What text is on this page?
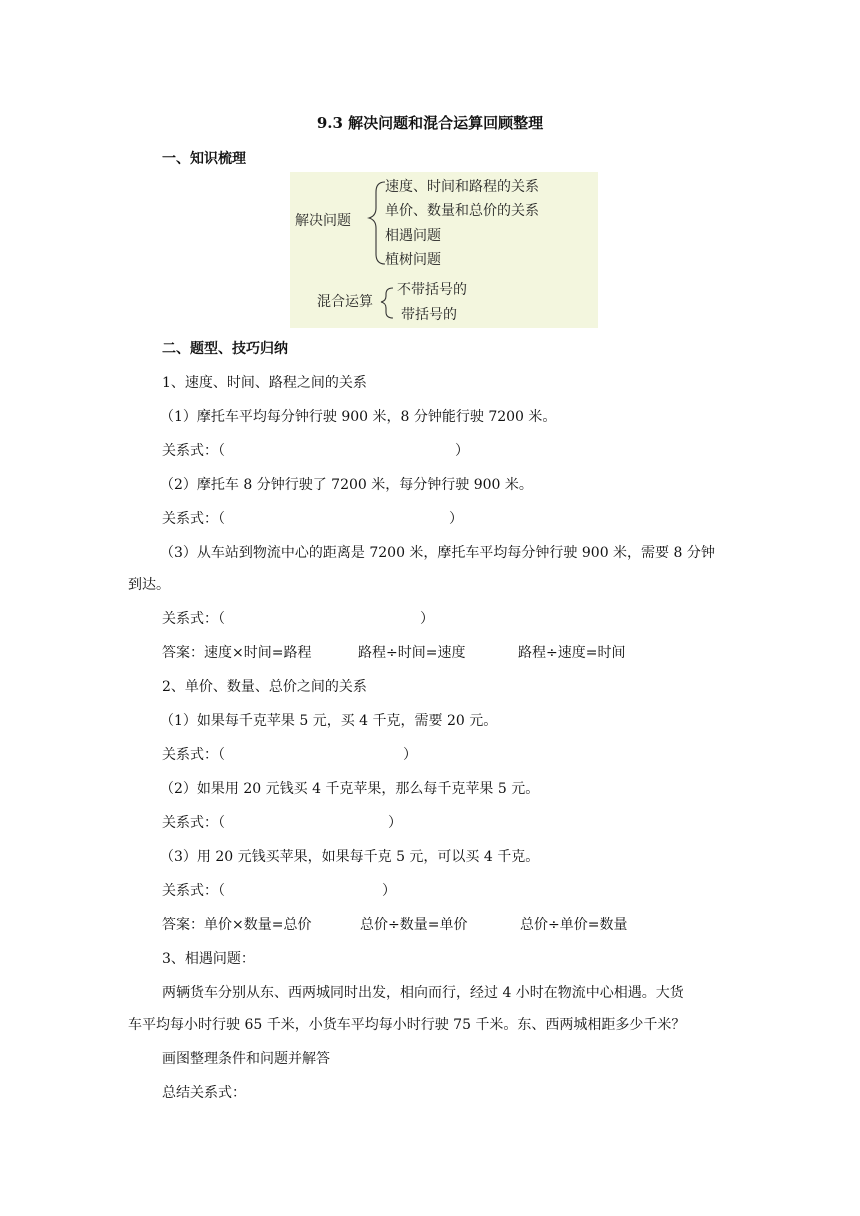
9.3 解决问题和混合运算回顾整理
一、知识梳理
解决问题
速度、时间和路程的关系
单价、数量和总价的关系
相遇问题
植树问题
混合运算
不带括号的
带括号的
二、题型、技巧归纳
1、速度、时间、路程之间的关系
（1）摩托车平均每分钟行驶 900 米，8 分钟能行驶 7200 米。
关系式：（	）
（2）摩托车 8 分钟行驶了 7200 米，每分钟行驶 900 米。
关系式：（	）
（3）从车站到物流中心的距离是 7200 米，摩托车平均每分钟行驶 900 米，需要 8 分钟
到达。
关系式：（	）
答案：速度×时间=路程	路程÷时间=速度	路程÷速度=时间
2、单价、数量、总价之间的关系
（1）如果每千克苹果 5 元，买 4 千克，需要 20 元。
关系式：（	）
（2）如果用 20 元钱买 4 千克苹果，那么每千克苹果 5 元。
关系式：（	）
（3）用 20 元钱买苹果，如果每千克 5 元，可以买 4 千克。
关系式：（	）
答案：单价×数量=总价	总价÷数量=单价	总价÷单价=数量
3、相遇问题：
两辆货车分别从东、西两城同时出发，相向而行，经过 4 小时在物流中心相遇。大货
车平均每小时行驶 65 千米，小货车平均每小时行驶 75 千米。东、西两城相距多少千米？
画图整理条件和问题并解答
总结关系式：
